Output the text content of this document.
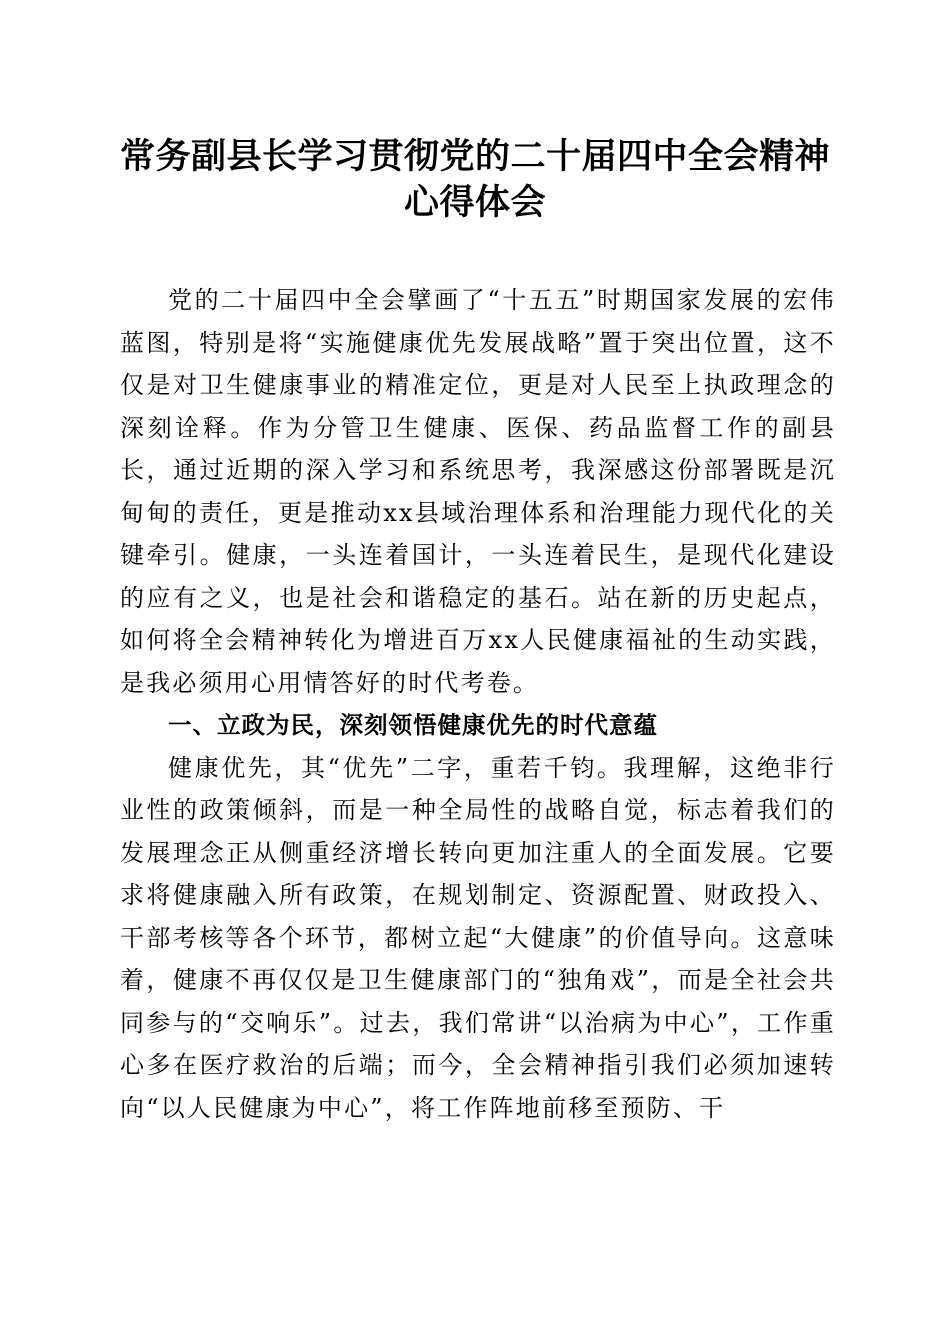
常务副县长学习贯彻党的二十届四中全会精神
心得体会

党的二十届四中全会擘画了“十五五”时期国家发展的宏伟蓝图，特别是将“实施健康优先发展战略”置于突出位置，这不仅是对卫生健康事业的精准定位，更是对人民至上执政理念的深刻诠释。作为分管卫生健康、医保、药品监督工作的副县长，通过近期的深入学习和系统思考，我深感这份部署既是沉甸甸的责任，更是推动xx县域治理体系和治理能力现代化的关键牵引。健康，一头连着国计，一头连着民生，是现代化建设的应有之义，也是社会和谐稳定的基石。站在新的历史起点，如何将全会精神转化为增进百万xx人民健康福祉的生动实践，是我必须用心用情答好的时代考卷。

一、立政为民，深刻领悟健康优先的时代意蕴

健康优先，其“优先”二字，重若千钧。我理解，这绝非行业性的政策倾斜，而是一种全局性的战略自觉，标志着我们的发展理念正从侧重经济增长转向更加注重人的全面发展。它要求将健康融入所有政策，在规划制定、资源配置、财政投入、干部考核等各个环节，都树立起“大健康”的价值导向。这意味着，健康不再仅仅是卫生健康部门的“独角戏”，而是全社会共同参与的“交响乐”。过去，我们常讲“以治病为中心”，工作重心多在医疗救治的后端；而今，全会精神指引我们必须加速转向“以人民健康为中心”，将工作阵地前移至预防、干
